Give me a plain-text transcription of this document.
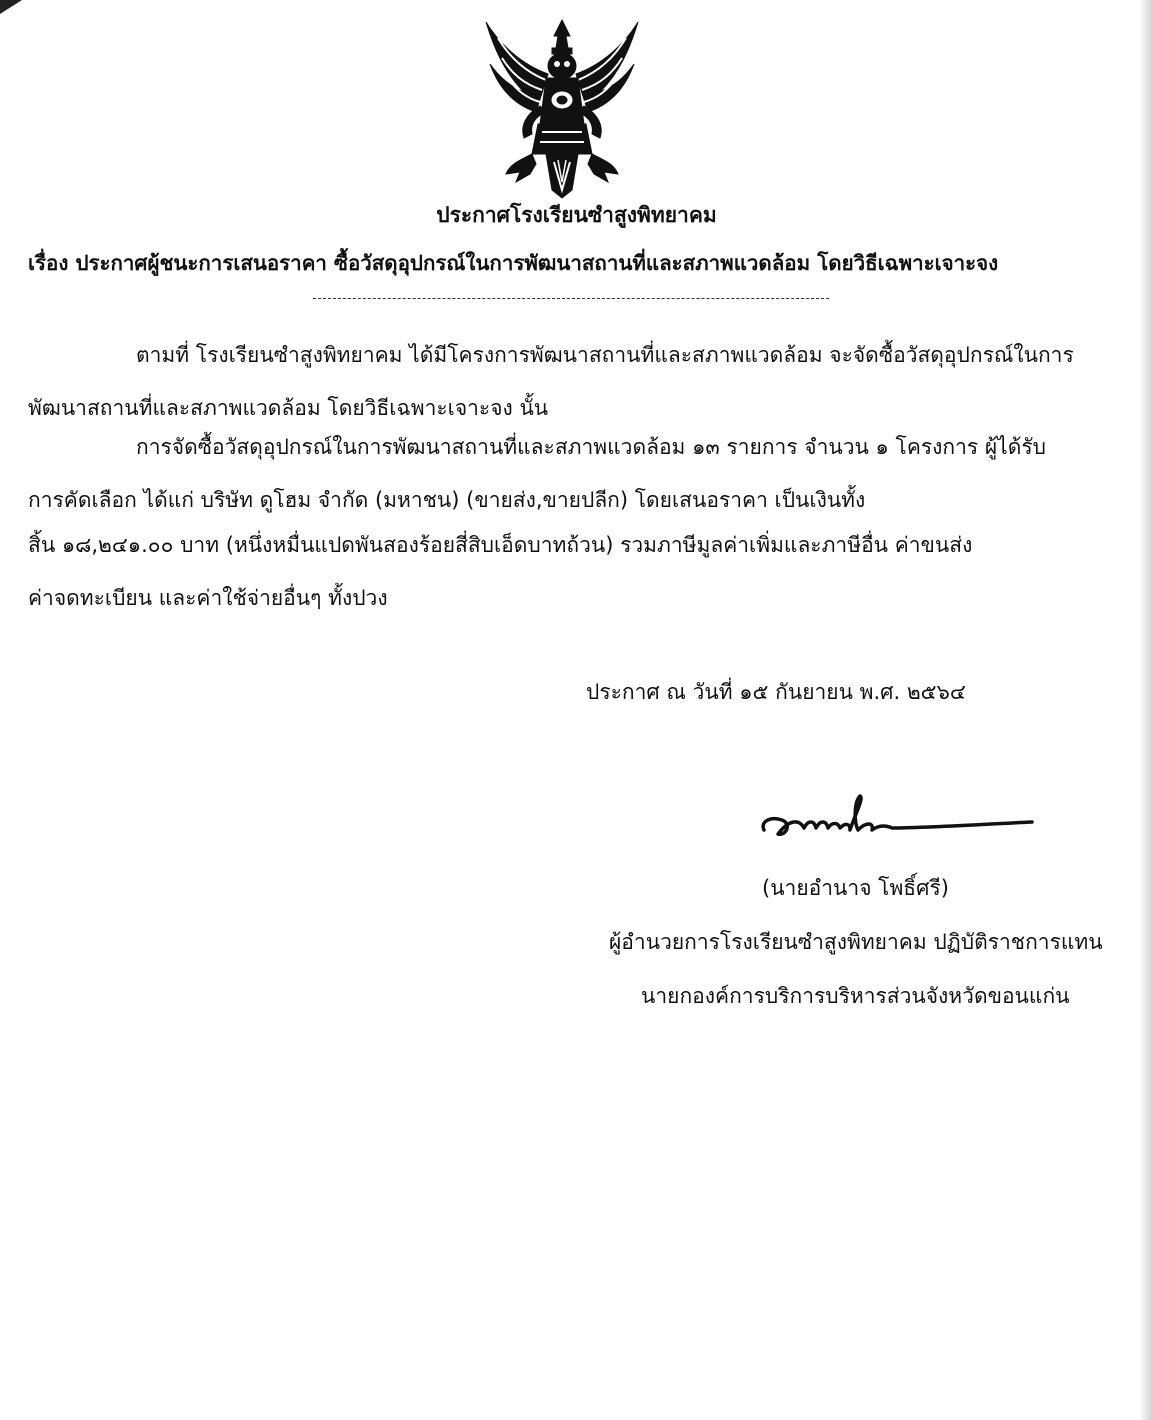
ประกาศโรงเรียนซำสูงพิทยาคม
เรื่อง ประกาศผู้ชนะการเสนอราคา ซื้อวัสดุอุปกรณ์ในการพัฒนาสถานที่และสภาพแวดล้อม โดยวิธีเฉพาะเจาะจง
ตามที่ โรงเรียนซำสูงพิทยาคม ได้มีโครงการพัฒนาสถานที่และสภาพแวดล้อม จะจัดซื้อวัสดุอุปกรณ์ในการ
พัฒนาสถานที่และสภาพแวดล้อม โดยวิธีเฉพาะเจาะจง นั้น
การจัดซื้อวัสดุอุปกรณ์ในการพัฒนาสถานที่และสภาพแวดล้อม ๑๓ รายการ จำนวน ๑ โครงการ ผู้ได้รับ
การคัดเลือก ได้แก่ บริษัท ดูโฮม จำกัด (มหาชน) (ขายส่ง,ขายปลีก) โดยเสนอราคา เป็นเงินทั้ง
สิ้น ๑๘,๒๔๑.๐๐ บาท (หนึ่งหมื่นแปดพันสองร้อยสี่สิบเอ็ดบาทถ้วน) รวมภาษีมูลค่าเพิ่มและภาษีอื่น ค่าขนส่ง
ค่าจดทะเบียน และค่าใช้จ่ายอื่นๆ ทั้งปวง
ประกาศ ณ วันที่ ๑๕ กันยายน พ.ศ. ๒๕๖๔
(นายอำนาจ โพธิ์ศรี)
ผู้อำนวยการโรงเรียนซำสูงพิทยาคม ปฏิบัติราชการแทน
นายกองค์การบริการบริหารส่วนจังหวัดขอนแก่น
